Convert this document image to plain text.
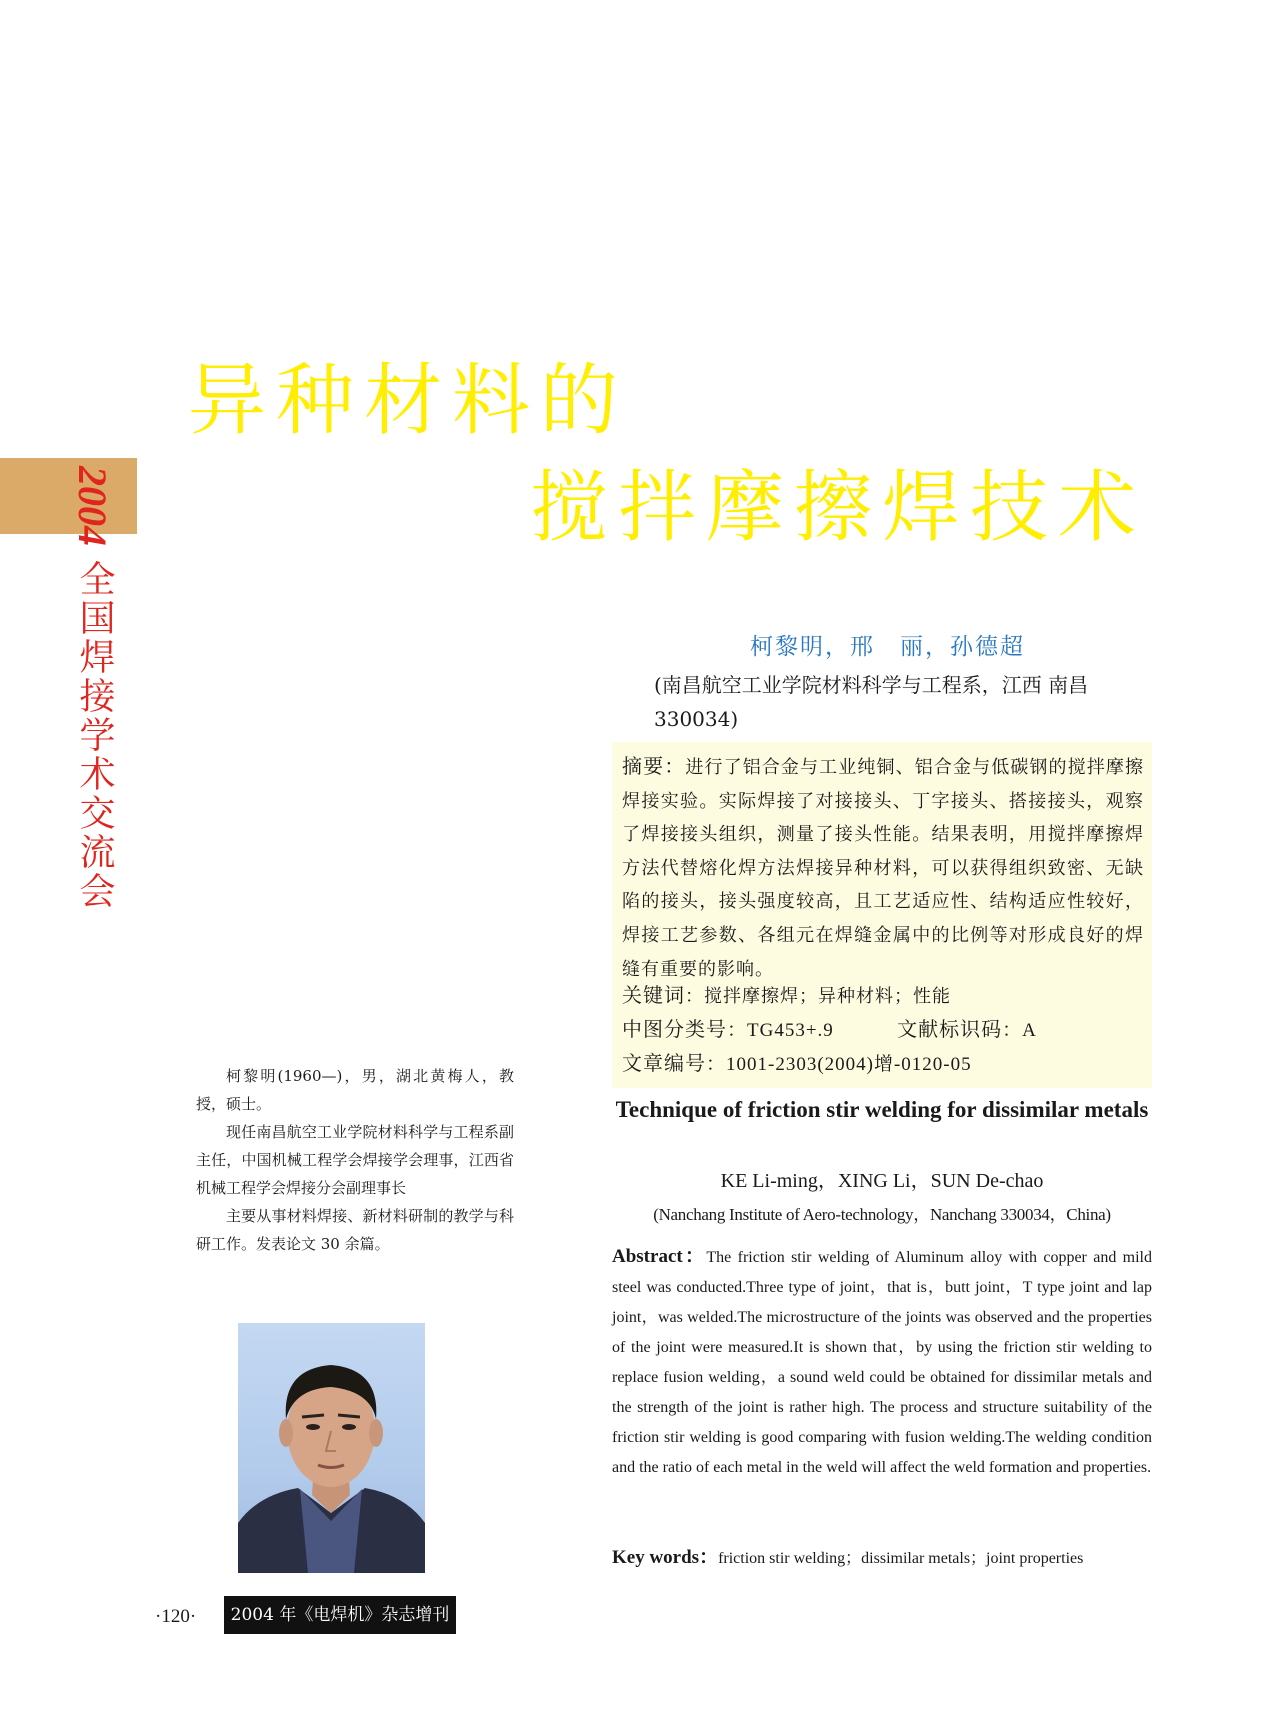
异种材料的
搅拌摩擦焊技术
2004
全国焊接学术交流会	柯黎明，邢　丽，孙德超
(南昌航空工业学院材料科学与工程系，江西 南昌 330034)
摘要：进行了铝合金与工业纯铜、铝合金与低碳钢的搅拌摩擦焊接实验。实际焊接了对接接头、丁字接头、搭接接头，观察了焊接接头组织，测量了接头性能。结果表明，用搅拌摩擦焊方法代替熔化焊方法焊接异种材料，可以获得组织致密、无缺陷的接头，接头强度较高，且工艺适应性、结构适应性较好，焊接工艺参数、各组元在焊缝金属中的比例等对形成良好的焊缝有重要的影响。
关键词：搅拌摩擦焊；异种材料；性能
中图分类号：TG453+.9	文献标识码：A
文章编号：1001-2303(2004)增-0120-05

柯黎明(1960—)，男，湖北黄梅人，教授，硕士。

现任南昌航空工业学院材料科学与工程系副主任，中国机械工程学会焊接学会理事，江西省机械工程学会焊接分会副理事长

主要从事材料焊接、新材料研制的教学与科研工作。发表论文 30 余篇。

Technique of friction stir welding for dissimilar metals
KE Li-ming，XING Li，SUN De-chao
(Nanchang Institute of Aero-technology，Nanchang 330034，China)
Abstract：The friction stir welding of Aluminum alloy with copper and mild steel was conducted.Three type of joint，that is，butt joint，T type joint and lap joint，was welded.The microstructure of the joints was observed and the properties of the joint were measured.It is shown that，by using the friction stir welding to replace fusion welding，a sound weld could be obtained for dissimilar metals and the strength of the joint is rather high. The process and structure suitability of the friction stir welding is good comparing with fusion welding.The welding condition and the ratio of each metal in the weld will affect the weld formation and properties.
Key words：friction stir welding；dissimilar metals；joint properties
·120·	2004 年《电焊机》杂志增刊
